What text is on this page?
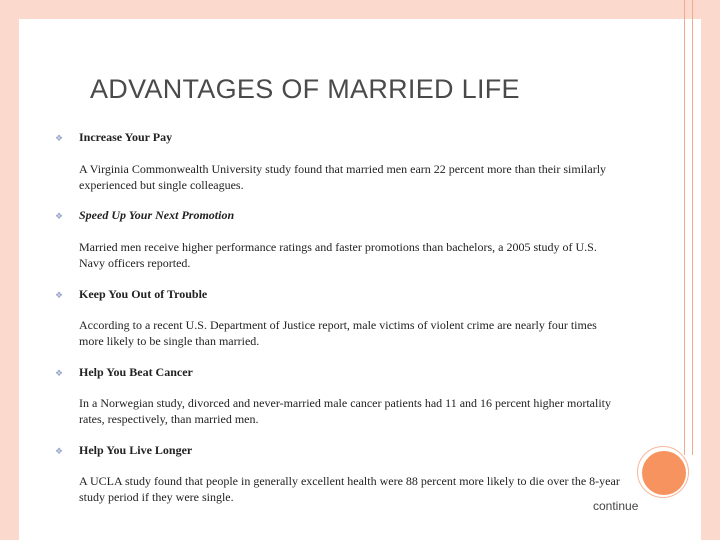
ADVANTAGES OF MARRIED LIFE
❖ Increase Your Pay

A Virginia Commonwealth University study found that married men earn 22 percent more than their similarly experienced but single colleagues.

❖ Speed Up Your Next Promotion

Married men receive higher performance ratings and faster promotions than bachelors, a 2005 study of U.S. Navy officers reported.

❖ Keep You Out of Trouble

According to a recent U.S. Department of Justice report, male victims of violent crime are nearly four times more likely to be single than married.

❖ Help You Beat Cancer

In a Norwegian study, divorced and never-married male cancer patients had 11 and 16 percent higher mortality rates, respectively, than married men.

❖ Help You Live Longer

A UCLA study found that people in generally excellent health were 88 percent more likely to die over the 8-year study period if they were single.

continue
